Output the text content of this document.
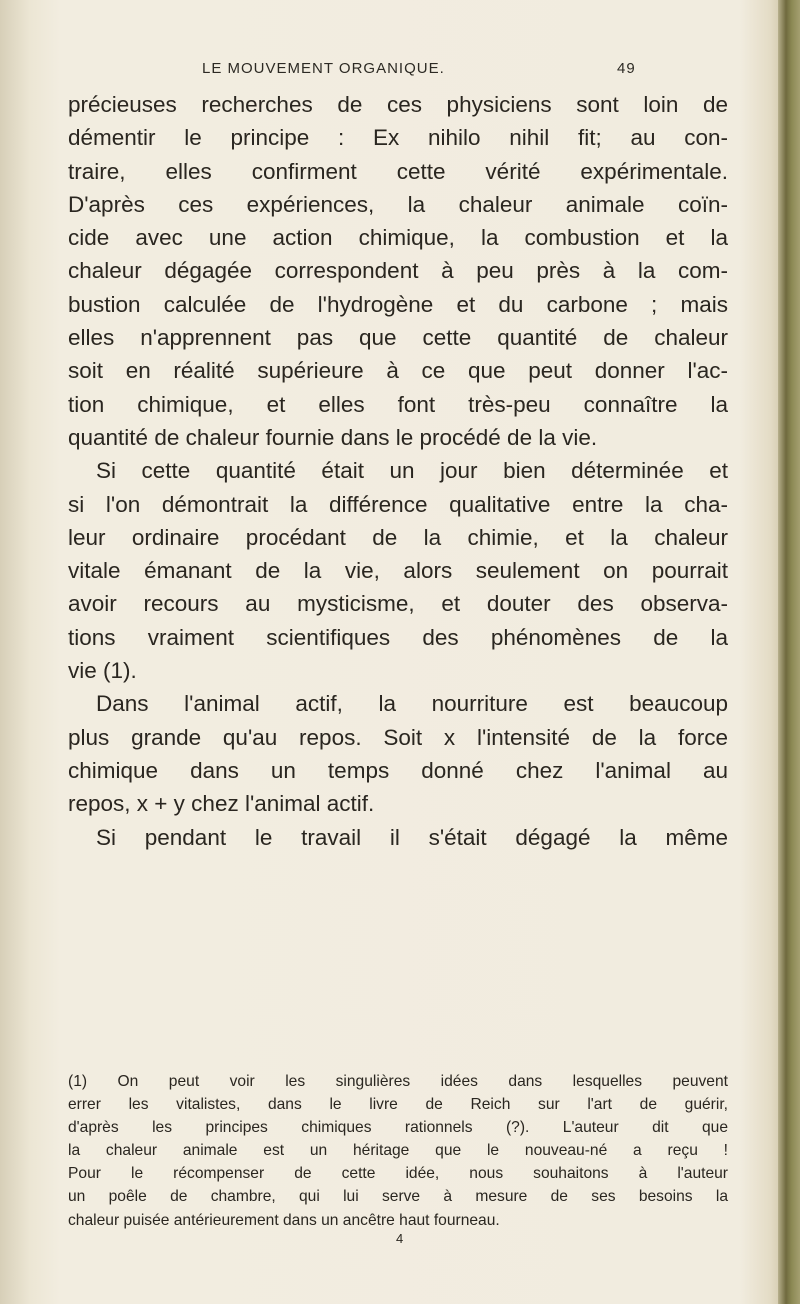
LE MOUVEMENT ORGANIQUE.	49
précieuses recherches de ces physiciens sont loin de
démentir le principe : Ex nihilo nihil fit; au con-
traire, elles confirment cette vérité expérimentale.
D'après ces expériences, la chaleur animale coïn-
cide avec une action chimique, la combustion et la
chaleur dégagée correspondent à peu près à la com-
bustion calculée de l'hydrogène et du carbone ; mais
elles n'apprennent pas que cette quantité de chaleur
soit en réalité supérieure à ce que peut donner l'ac-
tion chimique, et elles font très-peu connaître la
quantité de chaleur fournie dans le procédé de la vie.
Si cette quantité était un jour bien déterminée et
si l'on démontrait la différence qualitative entre la cha-
leur ordinaire procédant de la chimie, et la chaleur
vitale émanant de la vie, alors seulement on pourrait
avoir recours au mysticisme, et douter des observa-
tions vraiment scientifiques des phénomènes de la
vie (1).
Dans l'animal actif, la nourriture est beaucoup
plus grande qu'au repos. Soit x l'intensité de la force
chimique dans un temps donné chez l'animal au
repos, x + y chez l'animal actif.
Si pendant le travail il s'était dégagé la même
(1) On peut voir les singulières idées dans lesquelles peuvent
errer les vitalistes, dans le livre de Reich sur l'art de guérir,
d'après les principes chimiques rationnels (?). L'auteur dit que
la chaleur animale est un héritage que le nouveau-né a reçu !
Pour le récompenser de cette idée, nous souhaitons à l'auteur
un poêle de chambre, qui lui serve à mesure de ses besoins la
chaleur puisée antérieurement dans un ancêtre haut fourneau.
4
